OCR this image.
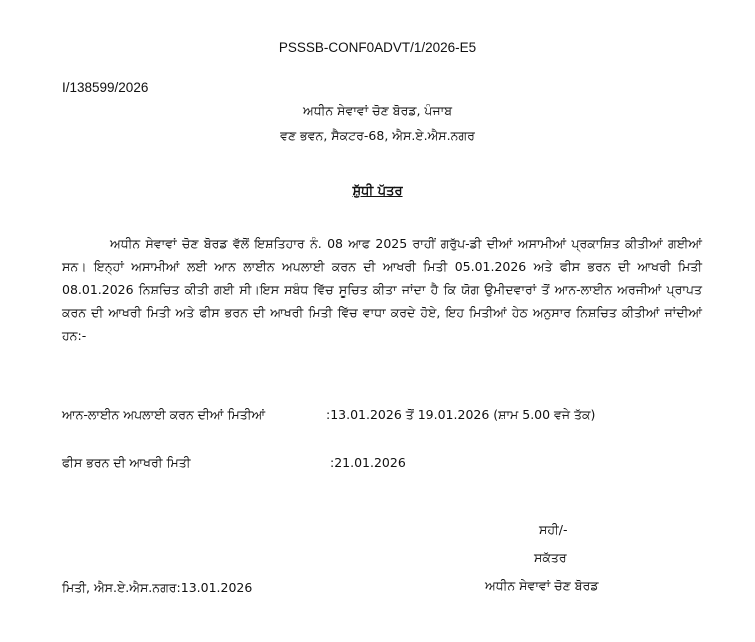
PSSSB-CONF0ADVT/1/2026-E5
I/138599/2026
ਅਧੀਨ ਸੇਵਾਵਾਂ ਚੋਣ ਬੋਰਡ, ਪੰਜਾਬ
ਵਣ ਭਵਨ, ਸੈਕਟਰ-68, ਐਸ.ਏ.ਐਸ.ਨਗਰ
ਸ਼ੁੱਧੀ ਪੱਤਰ
ਅਧੀਨ ਸੇਵਾਵਾਂ ਚੋਣ ਬੋਰਡ ਵੱਲੋਂ ਇਸ਼ਤਿਹਾਰ ਨੰ. 08 ਆਫ 2025 ਰਾਹੀਂ ਗਰੁੱਪ-ਡੀ ਦੀਆਂ ਅਸਾਮੀਆਂ ਪ੍ਰਕਾਸ਼ਿਤ ਕੀਤੀਆਂ ਗਈਆਂ ਸਨ। ਇਨ੍ਹਾਂ ਅਸਾਮੀਆਂ ਲਈ ਆਨ ਲਾਈਨ ਅਪਲਾਈ ਕਰਨ ਦੀ ਆਖਰੀ ਮਿਤੀ 05.01.2026 ਅਤੇ ਫੀਸ ਭਰਨ ਦੀ ਆਖਰੀ ਮਿਤੀ 08.01.2026 ਨਿਸ਼ਚਿਤ ਕੀਤੀ ਗਈ ਸੀ।ਇਸ ਸਬੰਧ ਵਿੱਚ ਸੂਚਿਤ ਕੀਤਾ ਜਾਂਦਾ ਹੈ ਕਿ ਯੋਗ ਉਮੀਦਵਾਰਾਂ ਤੋਂ ਆਨ-ਲਾਈਨ ਅਰਜੀਆਂ ਪ੍ਰਾਪਤ ਕਰਨ ਦੀ ਆਖਰੀ ਮਿਤੀ ਅਤੇ ਫੀਸ ਭਰਨ ਦੀ ਆਖਰੀ ਮਿਤੀ ਵਿੱਚ ਵਾਧਾ ਕਰਦੇ ਹੋਏ, ਇਹ ਮਿਤੀਆਂ ਹੇਠ ਅਨੁਸਾਰ ਨਿਸ਼ਚਿਤ ਕੀਤੀਆਂ ਜਾਂਦੀਆਂ ਹਨ:-
ਆਨ-ਲਾਈਨ ਅਪਲਾਈ ਕਰਨ ਦੀਆਂ ਮਿਤੀਆਂ	:13.01.2026 ਤੋਂ 19.01.2026 (ਸ਼ਾਮ 5.00 ਵਜੇ ਤੱਕ)
ਫੀਸ ਭਰਨ ਦੀ ਆਖਰੀ ਮਿਤੀ	:21.01.2026
ਸਹੀ/-
ਸਕੱਤਰ
ਅਧੀਨ ਸੇਵਾਵਾਂ ਚੋਣ ਬੋਰਡ
ਮਿਤੀ, ਐਸ.ਏ.ਐਸ.ਨਗਰ:13.01.2026
